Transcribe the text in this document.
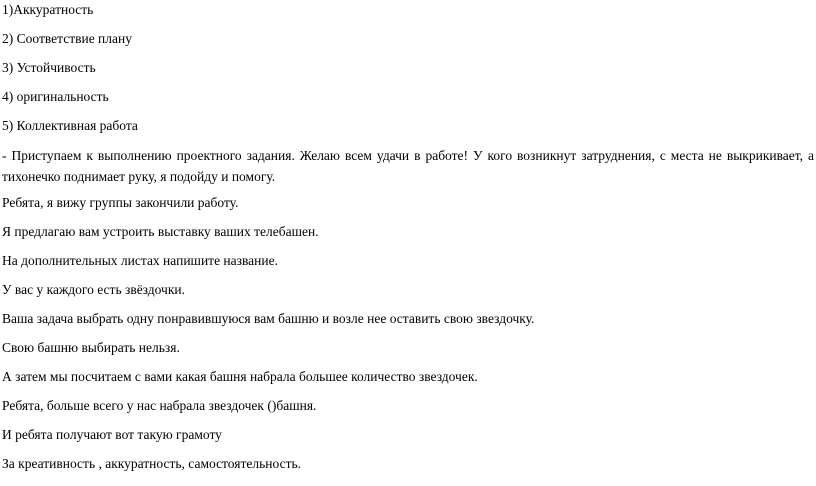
1)Аккуратность
2) Соответствие плану
3) Устойчивость
4) оригинальность
5) Коллективная работа
- Приступаем к выполнению проектного задания. Желаю всем удачи в работе! У кого возникнут затруднения, с места не выкрикивает, а тихонечко поднимает руку, я подойду и помогу.
Ребята, я вижу группы закончили работу.
Я предлагаю вам устроить выставку ваших телебашен.
На дополнительных листах напишите название.
У вас у каждого есть звёздочки.
Ваша задача выбрать одну понравившуюся вам башню и возле нее оставить свою звездочку.
Свою башню выбирать нельзя.
А затем мы посчитаем с вами какая башня набрала большее количество звездочек.
Ребята, больше всего у нас набрала звездочек ()башня.
И ребята получают вот такую грамоту
За креативность , аккуратность, самостоятельность.
